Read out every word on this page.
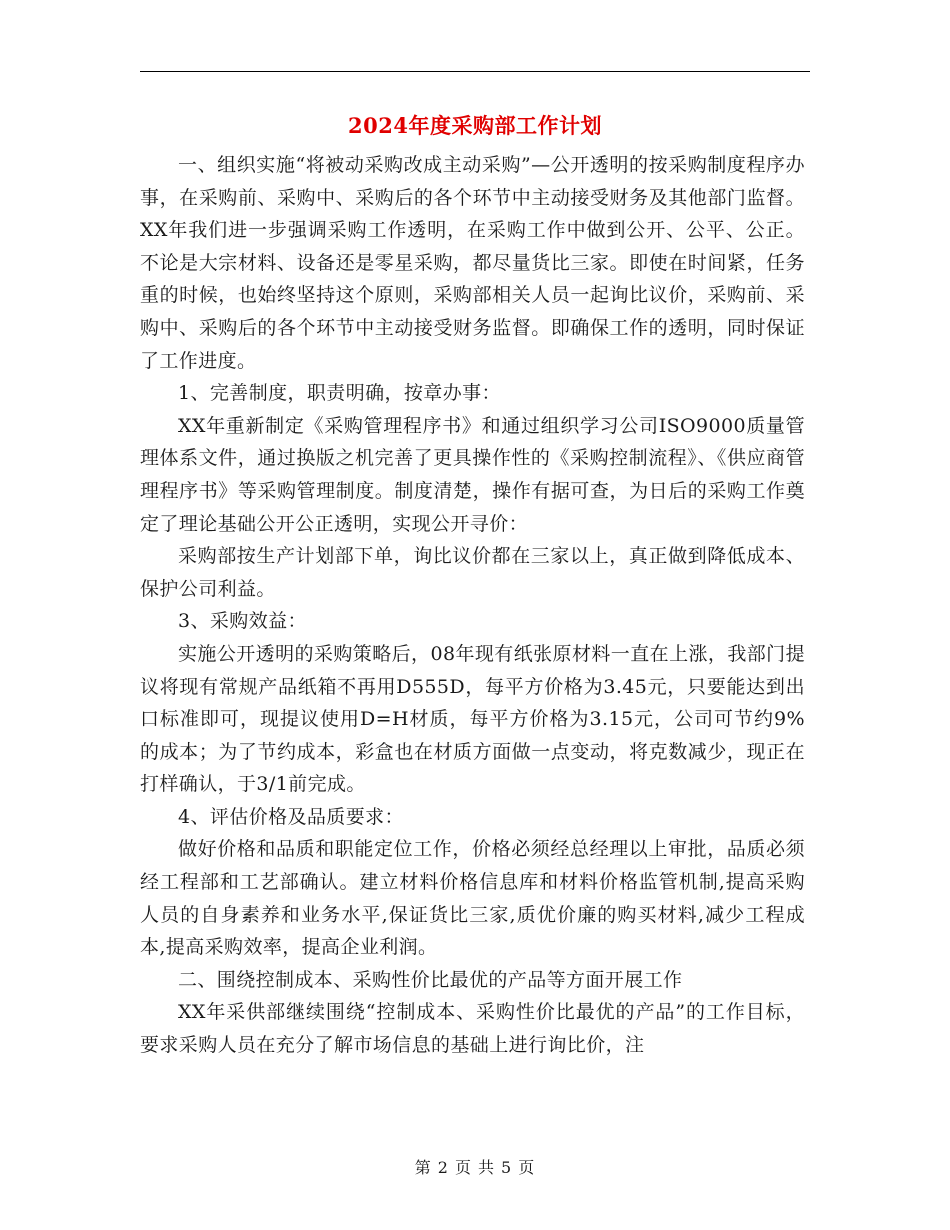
2024年度采购部工作计划

一、组织实施“将被动采购改成主动采购”—公开透明的按采购制度程序办事，在采购前、采购中、采购后的各个环节中主动接受财务及其他部门监督。XX年我们进一步强调采购工作透明，在采购工作中做到公开、公平、公正。不论是大宗材料、设备还是零星采购，都尽量货比三家。即使在时间紧，任务重的时候，也始终坚持这个原则，采购部相关人员一起询比议价，采购前、采购中、采购后的各个环节中主动接受财务监督。即确保工作的透明，同时保证了工作进度。

1、完善制度，职责明确，按章办事：

XX年重新制定《采购管理程序书》和通过组织学习公司ISO9000质量管理体系文件，通过换版之机完善了更具操作性的《采购控制流程》、《供应商管理程序书》等采购管理制度。制度清楚，操作有据可查，为日后的采购工作奠定了理论基础公开公正透明，实现公开寻价：

采购部按生产计划部下单，询比议价都在三家以上，真正做到降低成本、保护公司利益。

3、采购效益：

实施公开透明的采购策略后，08年现有纸张原材料一直在上涨，我部门提议将现有常规产品纸箱不再用D555D，每平方价格为3.45元，只要能达到出口标准即可，现提议使用D=H材质，每平方价格为3.15元，公司可节约9%的成本；为了节约成本，彩盒也在材质方面做一点变动，将克数减少，现正在打样确认，于3/1前完成。

4、评估价格及品质要求：

做好价格和品质和职能定位工作，价格必须经总经理以上审批，品质必须经工程部和工艺部确认。建立材料价格信息库和材料价格监管机制,提高采购人员的自身素养和业务水平,保证货比三家,质优价廉的购买材料,减少工程成本,提高采购效率，提高企业利润。

二、围绕控制成本、采购性价比最优的产品等方面开展工作

XX年采供部继续围绕“控制成本、采购性价比最优的产品”的工作目标，要求采购人员在充分了解市场信息的基础上进行询比价，注

第 2 页 共 5 页
